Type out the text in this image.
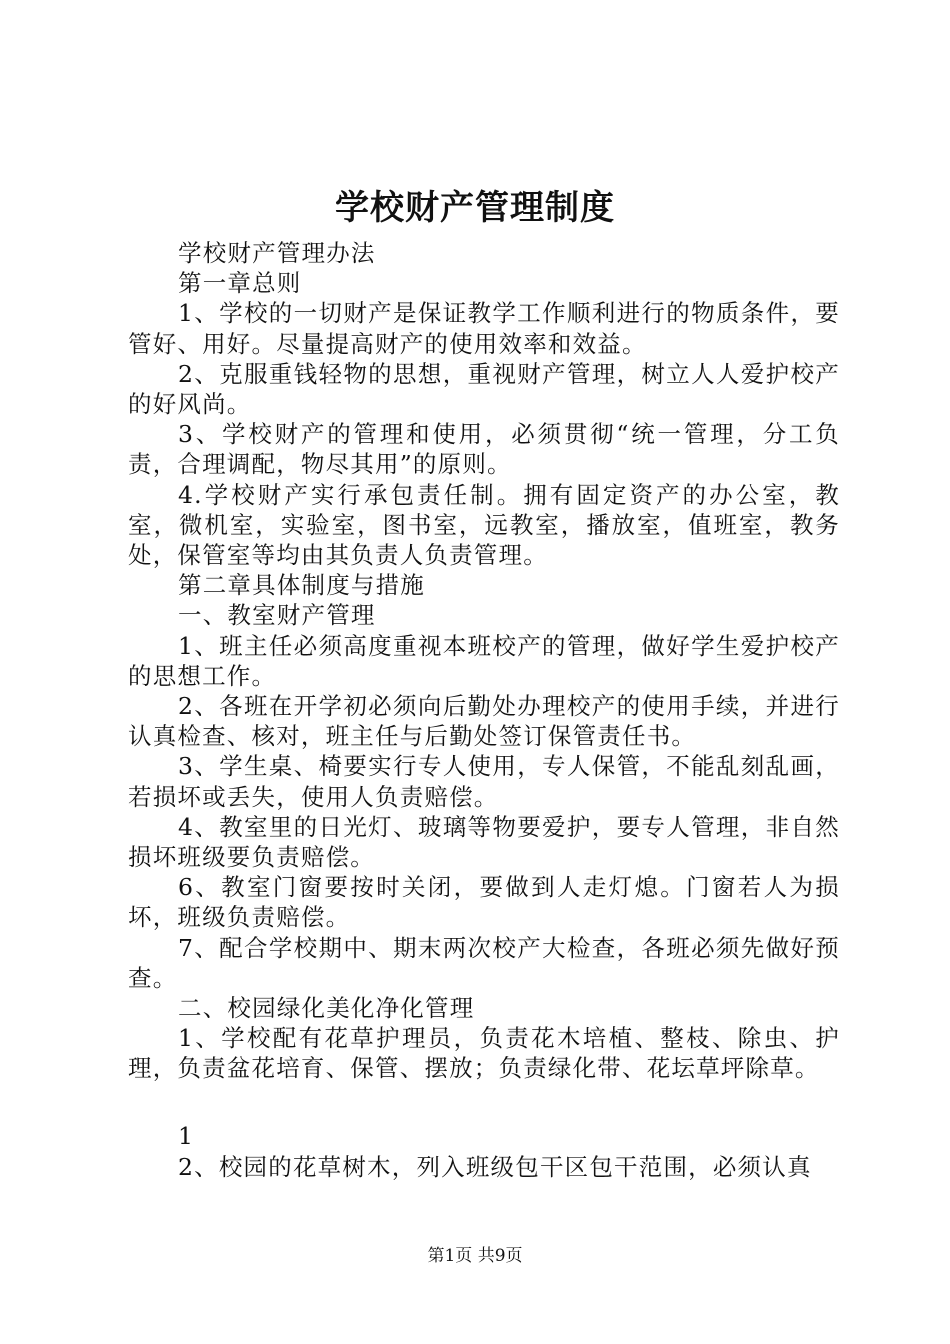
学校财产管理制度

学校财产管理办法

第一章总则

1、学校的一切财产是保证教学工作顺利进行的物质条件，要管好、用好。尽量提高财产的使用效率和效益。

2、克服重钱轻物的思想，重视财产管理，树立人人爱护校产的好风尚。

3、学校财产的管理和使用，必须贯彻“统一管理，分工负责，合理调配，物尽其用”的原则。

4.学校财产实行承包责任制。拥有固定资产的办公室，教室，微机室，实验室，图书室，远教室，播放室，值班室，教务处，保管室等均由其负责人负责管理。

第二章具体制度与措施

一、教室财产管理

1、班主任必须高度重视本班校产的管理，做好学生爱护校产的思想工作。

2、各班在开学初必须向后勤处办理校产的使用手续，并进行认真检查、核对，班主任与后勤处签订保管责任书。

3、学生桌、椅要实行专人使用，专人保管，不能乱刻乱画，若损坏或丢失，使用人负责赔偿。

4、教室里的日光灯、玻璃等物要爱护，要专人管理，非自然损坏班级要负责赔偿。

6、教室门窗要按时关闭，要做到人走灯熄。门窗若人为损坏，班级负责赔偿。

7、配合学校期中、期末两次校产大检查，各班必须先做好预查。

二、校园绿化美化净化管理

1、学校配有花草护理员，负责花木培植、整枝、除虫、护理，负责盆花培育、保管、摆放；负责绿化带、花坛草坪除草。

1

2、校园的花草树木，列入班级包干区包干范围，必须认真

第1页 共9页
